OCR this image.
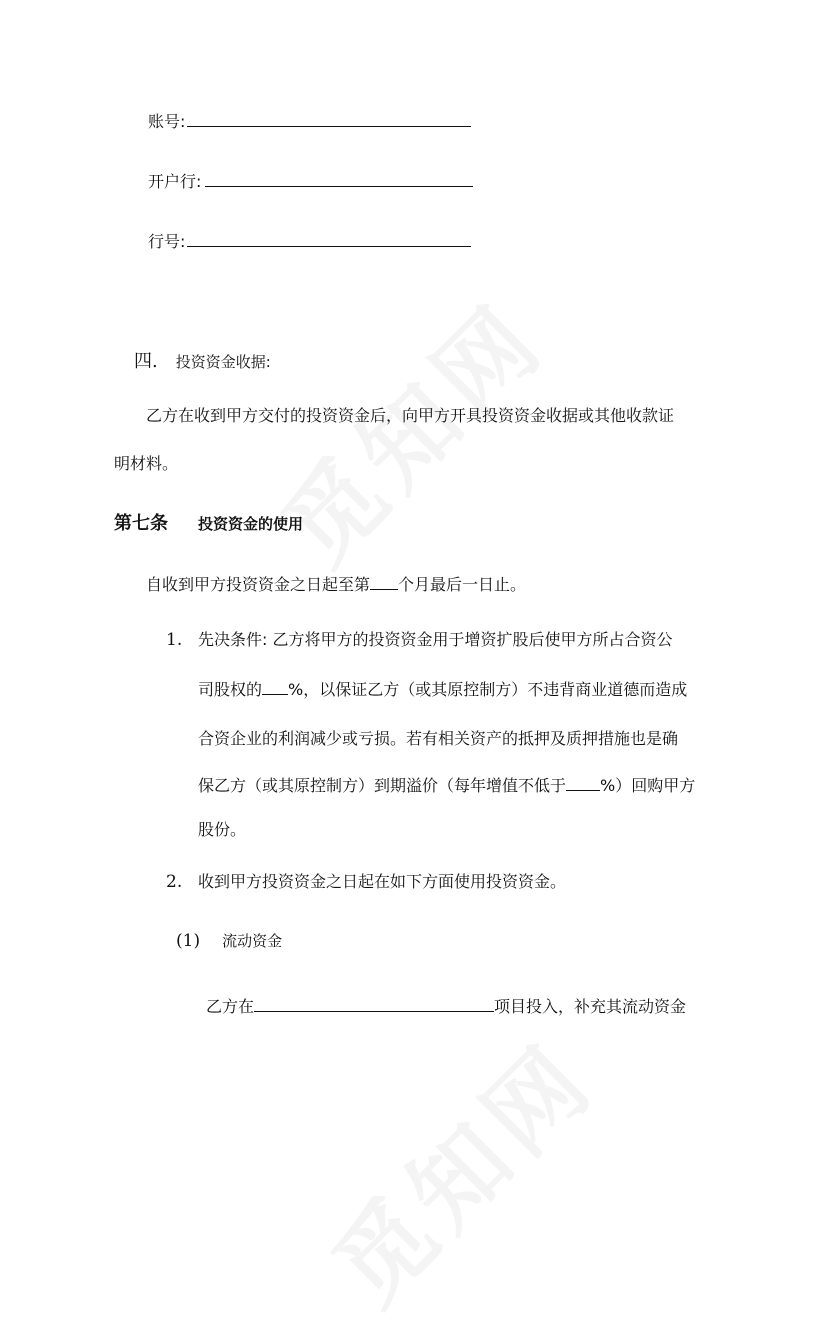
账号:
开户行:
行号:
四. 投资资金收据:
乙方在收到甲方交付的投资资金后，向甲方开具投资资金收据或其他收款证
明材料。
第七条 投资资金的使用
自收到甲方投资资金之日起至第 个月最后一日止。
1. 先决条件: 乙方将甲方的投资资金用于增资扩股后使甲方所占合资公
司股权的 %，以保证乙方（或其原控制方）不违背商业道德而造成
合资企业的利润减少或亏损。若有相关资产的抵押及质押措施也是确
保乙方（或其原控制方）到期溢价（每年增值不低于 %）回购甲方
股份。
2. 收到甲方投资资金之日起在如下方面使用投资资金。
(1) 流动资金
乙方在	项目投入，补充其流动资金
